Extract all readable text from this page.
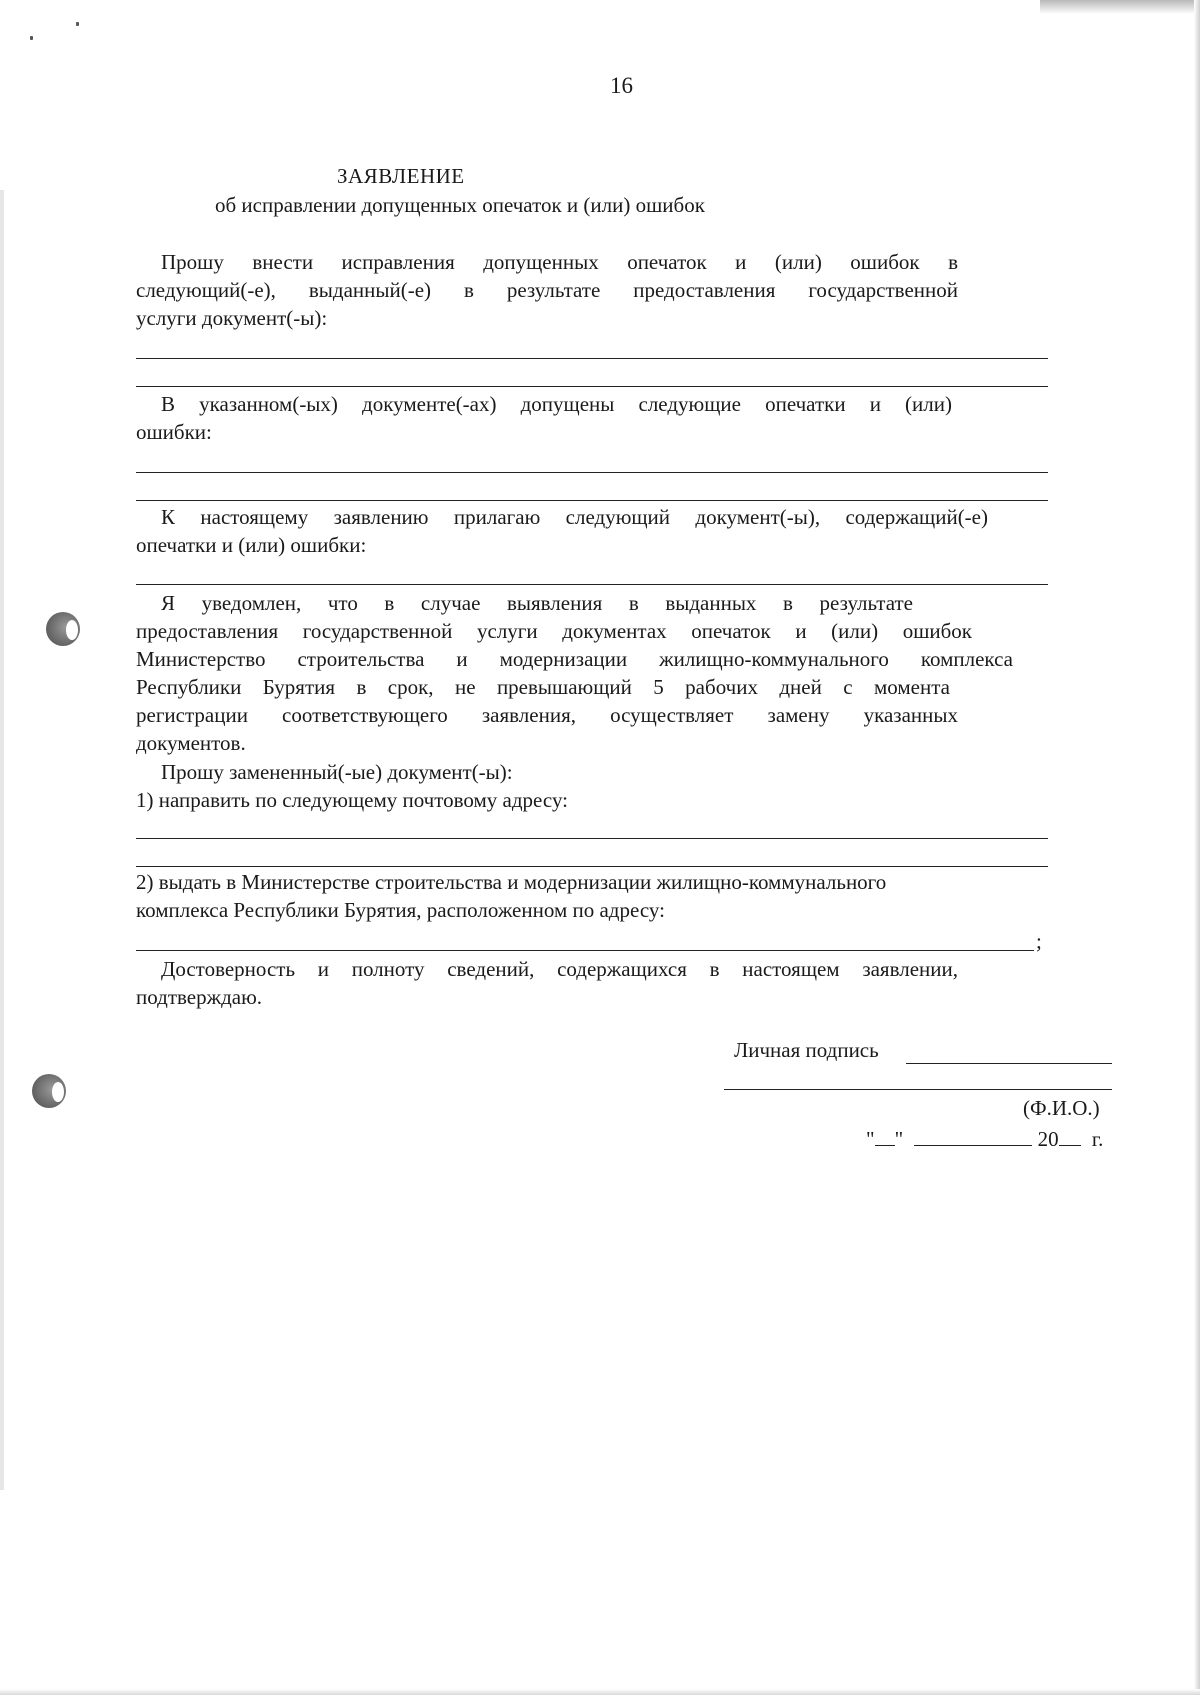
16
ЗАЯВЛЕНИЕ
об исправлении допущенных опечаток и (или) ошибок
Прошу внести исправления допущенных опечаток и (или) ошибок в
следующий(-е), выданный(-е) в результате предоставления государственной
услуги документ(-ы):
В указанном(-ых) документе(-ах) допущены следующие опечатки и (или)
ошибки:
К настоящему заявлению прилагаю следующий документ(-ы), содержащий(-е)
опечатки и (или) ошибки:
Я уведомлен, что в случае выявления в выданных в результате
предоставления государственной услуги документах опечаток и (или) ошибок
Министерство строительства и модернизации жилищно-коммунального комплекса
Республики Бурятия в срок, не превышающий 5 рабочих дней с момента
регистрации соответствующего заявления, осуществляет замену указанных
документов.
Прошу замененный(-ые) документ(-ы):
1) направить по следующему почтовому адресу:
2) выдать в Министерстве строительства и модернизации жилищно-коммунального
комплекса Республики Бурятия, расположенном по адресу:
;
Достоверность и полноту сведений, содержащихся в настоящем заявлении,
подтверждаю.
Личная подпись
(Ф.И.О.)
" "	20 г.
